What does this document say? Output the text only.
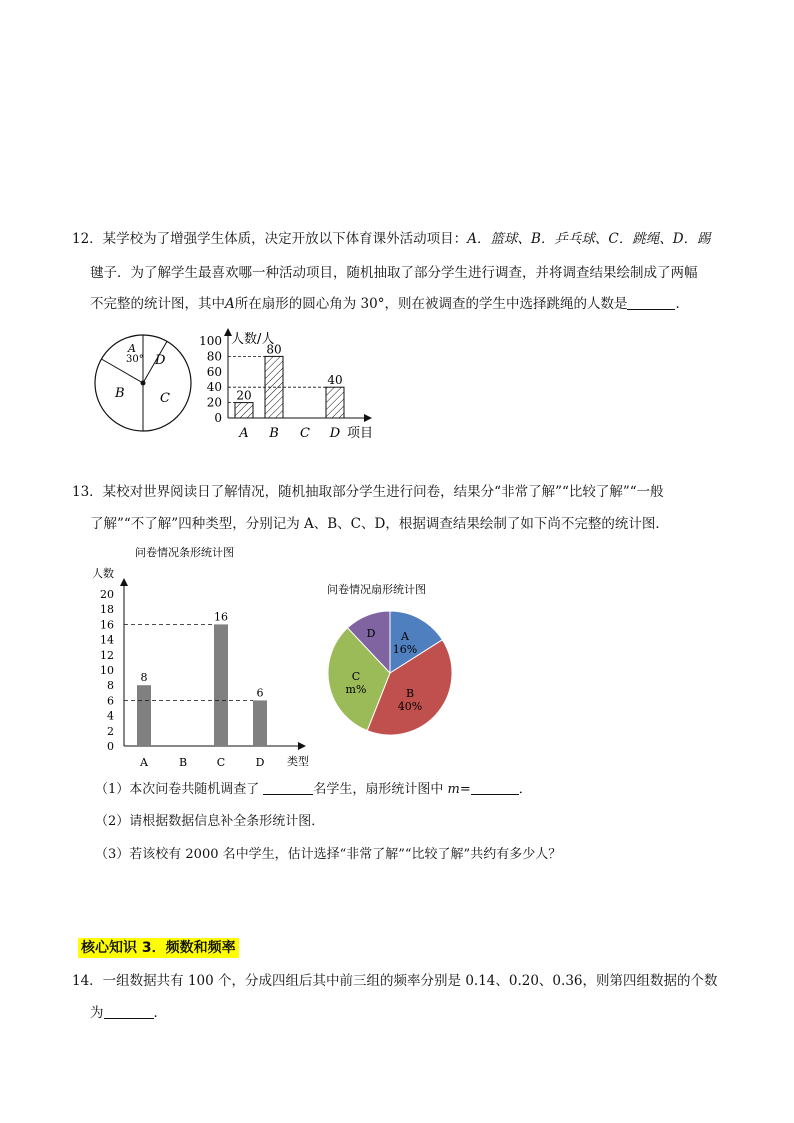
12．某学校为了增强学生体质，决定开放以下体育课外活动项目：A．篮球、B．乒乓球、C．跳绳、D．踢
毽子．为了解学生最喜欢哪一种活动项目，随机抽取了部分学生进行调查，并将调查结果绘制成了两幅
不完整的统计图，其中A所在扇形的圆心角为 30°，则在被调查的学生中选择跳绳的人数是	．
A
30° D
B	C
人数/人
项目
0
20
40
60
80
100
20
A
80
B C
40
D
13．某校对世界阅读日了解情况，随机抽取部分学生进行问卷，结果分“非常了解”“比较了解”“一般
了解”“不了解”四种类型，分别记为 A、B、C、D，根据调查结果绘制了如下尚不完整的统计图．
问卷情况条形统计图
人数
类型
0
2
4
6
8
10
12
14
16
18
20
8
A	B
16
C
6
D
问卷情况扇形统计图
A
16%
B
40%
C
m%
D
（1）本次问卷共随机调查了	名学生，扇形统计图中 m=	．
（2）请根据数据信息补全条形统计图．
（3）若该校有 2000 名中学生，估计选择“非常了解”“比较了解”共约有多少人？
核心知识 3．频数和频率
14．一组数据共有 100 个，分成四组后其中前三组的频率分别是 0.14、0.20、0.36，则第四组数据的个数
为	．
